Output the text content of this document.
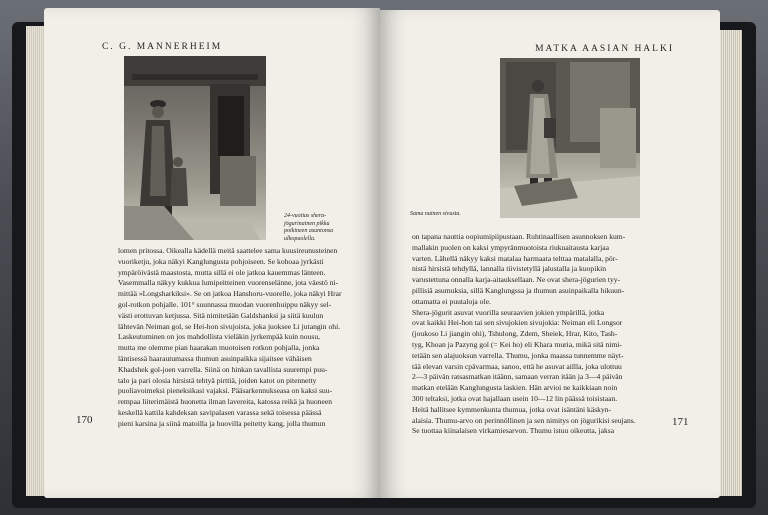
C. G. MANNERHEIM
24-vuotias shera-jögurinainen pikku poikineen asuntonsa ulkopuolella.
lomen pritossa. Oikealla kädellä meitä saattelee sama kuusireunusteinen
vuoriketju, joka näkyi Kanglungusta pohjoiseen. Se kohoaa jyrkästi
ympäröivästä maastosta, mutta sillä ei ole jatkoa kauemmas länteen.
Vasemmalla näkyy kukkua lumipeitteinen vuorenselänne, jota väestö ni-
mittää »Longsharkiksi». Se on jatkoa Hanshoru-vuorelle, joka näkyi Hrar
gol-rotkon pohjalle. 101° suunnassa muodan vuorenhuippu näkyy sel-
västi erottuvan ketjussa. Sitä nimitetään Galdshanksi ja siitä kuulun
lähtevän Neiman gol, se Hei-hon sivujoista, joka juoksee Li jutangin ohi.
Laskeutuminen on jos mahdollista vieläkin jyrkempää kuin nousu,
mutta me olemme pian haarakan muotoisen rotkon pohjalla, jonka
läntisessä haarautumassa thumun asuinpaikka sijaitsee vähäisen
Khadshek gol-joen varrella. Siinä on hinkan tavallista suurempi puu-
talo ja pari olosia hirsistä tehtyä pirttiä, joiden katot on pitennetty
puoliavoimeksi pieneksikasi vajaksi. Pääsarkennukseasa on kaksi suu-
rempaa liiterimäistä huonetta ilman lavereita, katossa reikä ja huoneen
keskellä kattila kahdeksan savipalasen varassa sekä toisessa päässä
pieni karsina ja siinä matoilla ja huovilla peitetty kang, jolla thumun
170
MATKA AASIAN HALKI
Sama nainen sivusta.
on tapana nauttia oopiumipiipustaan. Ruhtinaallisen asunnoksen kum-
mallakin puolen on kaksi ympyränmuotoista riukuaitausta karjaa
varten. Lähellä näkyy kaksi matalaa harmaata telttaa matalalla, pör-
nistä hirsistä tehdyllä, lannalla tiivistetyllä jalustalla ja kuopikin
varustettuna onnalla karja-aitauksellaan. Ne ovat shera-jögurien tyy-
pillisiä asumuksia, sillä Kanglungssa ja thumun asuinpaikalla hikuun-
ottamatta ei puutaloja ole.
Shera-jögurit asuvat vuorilla seuraavien jokien ympärillä, jotka
ovat kaikki Hei-hon tai sen sivujokien sivujokia: Neiman eli Longsor
(joukoso Li jiangin ohi), Tshulong, Zdem, Sheiek, Hrar, Kito, Tash-
tyg, Khoan ja Pazyng gol (= Kei ho) eli Khara muria, mikä sitä nimi-
tetään sen alajuoksun varrella. Thumu, jonka maassa tunnemme näyt-
tää elevan varsin cpävarmaa, sanoo, että he asuvat aillla, joka ulottuu
2—3 päivän ratsasmatkan itäänn, samaan verran itään ja 3—4 päivän
matkan etelään Kanglungusta laskien. Hän arvioi ne kaikkiaan noin
300 teltaksi, jotka ovat hajallaan usein 10—12 lin päässä toisistaan.
Heitä hallitsee kymmenkunta thumua, jotka ovat isäntäni käskyn-
alaisia. Thumu-arvo on perinnöllinen ja sen nimitys on jögurikisi seujans.
Se tuottaa kiinalaisen virkamiesarvon. Thumu istuu oikeutta, jaksa
171
